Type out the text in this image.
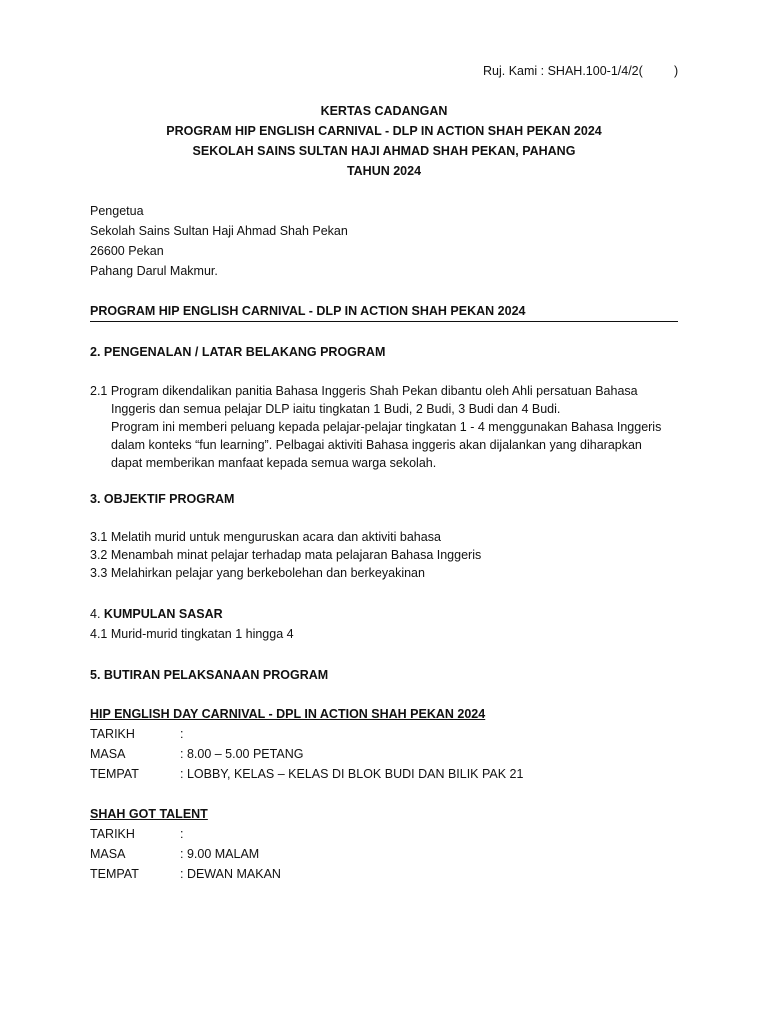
Ruj. Kami : SHAH.100-1/4/2(         )
KERTAS CADANGAN
PROGRAM HIP ENGLISH CARNIVAL - DLP IN ACTION SHAH PEKAN 2024
SEKOLAH SAINS SULTAN HAJI AHMAD SHAH PEKAN, PAHANG
TAHUN 2024
Pengetua
Sekolah Sains Sultan Haji Ahmad Shah Pekan
26600 Pekan
Pahang Darul Makmur.
PROGRAM HIP ENGLISH CARNIVAL - DLP IN ACTION SHAH PEKAN 2024
2. PENGENALAN / LATAR BELAKANG PROGRAM
2.1 Program dikendalikan panitia Bahasa Inggeris Shah Pekan dibantu oleh Ahli persatuan Bahasa
Inggeris dan semua pelajar DLP iaitu tingkatan 1 Budi, 2 Budi, 3 Budi dan 4 Budi.
Program ini memberi peluang kepada pelajar-pelajar tingkatan 1 - 4 menggunakan Bahasa Inggeris
dalam konteks “fun learning”. Pelbagai aktiviti Bahasa inggeris akan dijalankan yang diharapkan
dapat memberikan manfaat kepada semua warga sekolah.
3. OBJEKTIF PROGRAM
3.1 Melatih murid untuk menguruskan acara dan aktiviti bahasa
3.2 Menambah minat pelajar terhadap mata pelajaran Bahasa Inggeris
3.3 Melahirkan pelajar yang berkebolehan dan berkeyakinan
4. KUMPULAN SASAR
4.1 Murid-murid tingkatan 1 hingga 4
5. BUTIRAN PELAKSANAAN PROGRAM
HIP ENGLISH DAY CARNIVAL - DPL IN ACTION SHAH PEKAN 2024
TARIKH	:
MASA	: 8.00 – 5.00 PETANG
TEMPAT	: LOBBY, KELAS – KELAS DI BLOK BUDI DAN BILIK PAK 21
SHAH GOT TALENT
TARIKH	:
MASA	: 9.00 MALAM
TEMPAT	: DEWAN MAKAN
